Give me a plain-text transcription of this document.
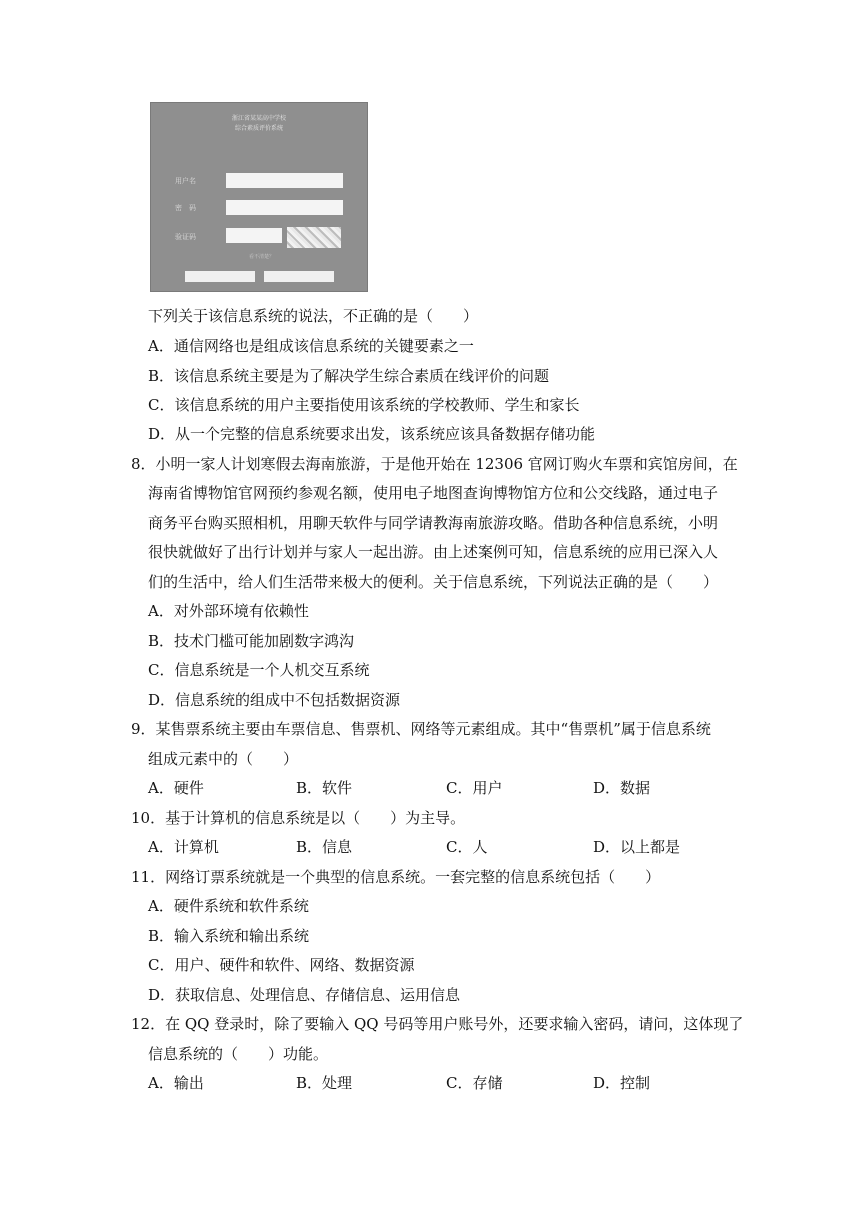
浙江省某某高中学校
综合素质评价系统
用户名
密　码
验证码
看不清楚？
下列关于该信息系统的说法，不正确的是（　　）
A．通信网络也是组成该信息系统的关键要素之一
B．该信息系统主要是为了解决学生综合素质在线评价的问题
C．该信息系统的用户主要指使用该系统的学校教师、学生和家长
D．从一个完整的信息系统要求出发，该系统应该具备数据存储功能
8．小明一家人计划寒假去海南旅游，于是他开始在 12306 官网订购火车票和宾馆房间，在
海南省博物馆官网预约参观名额，使用电子地图查询博物馆方位和公交线路，通过电子
商务平台购买照相机，用聊天软件与同学请教海南旅游攻略。借助各种信息系统，小明
很快就做好了出行计划并与家人一起出游。由上述案例可知，信息系统的应用已深入人
们的生活中，给人们生活带来极大的便利。关于信息系统，下列说法正确的是（　　）
A．对外部环境有依赖性
B．技术门槛可能加剧数字鸿沟
C．信息系统是一个人机交互系统
D．信息系统的组成中不包括数据资源
9．某售票系统主要由车票信息、售票机、网络等元素组成。其中“售票机”属于信息系统
组成元素中的（　　）
A．硬件	B．软件	C．用户	D．数据
10．基于计算机的信息系统是以（　　）为主导。
A．计算机	B．信息	C．人	D．以上都是
11．网络订票系统就是一个典型的信息系统。一套完整的信息系统包括（　　）
A．硬件系统和软件系统
B．输入系统和输出系统
C．用户、硬件和软件、网络、数据资源
D．获取信息、处理信息、存储信息、运用信息
12．在 QQ 登录时，除了要输入 QQ 号码等用户账号外，还要求输入密码，请问，这体现了
信息系统的（　　）功能。
A．输出	B．处理	C．存储	D．控制
